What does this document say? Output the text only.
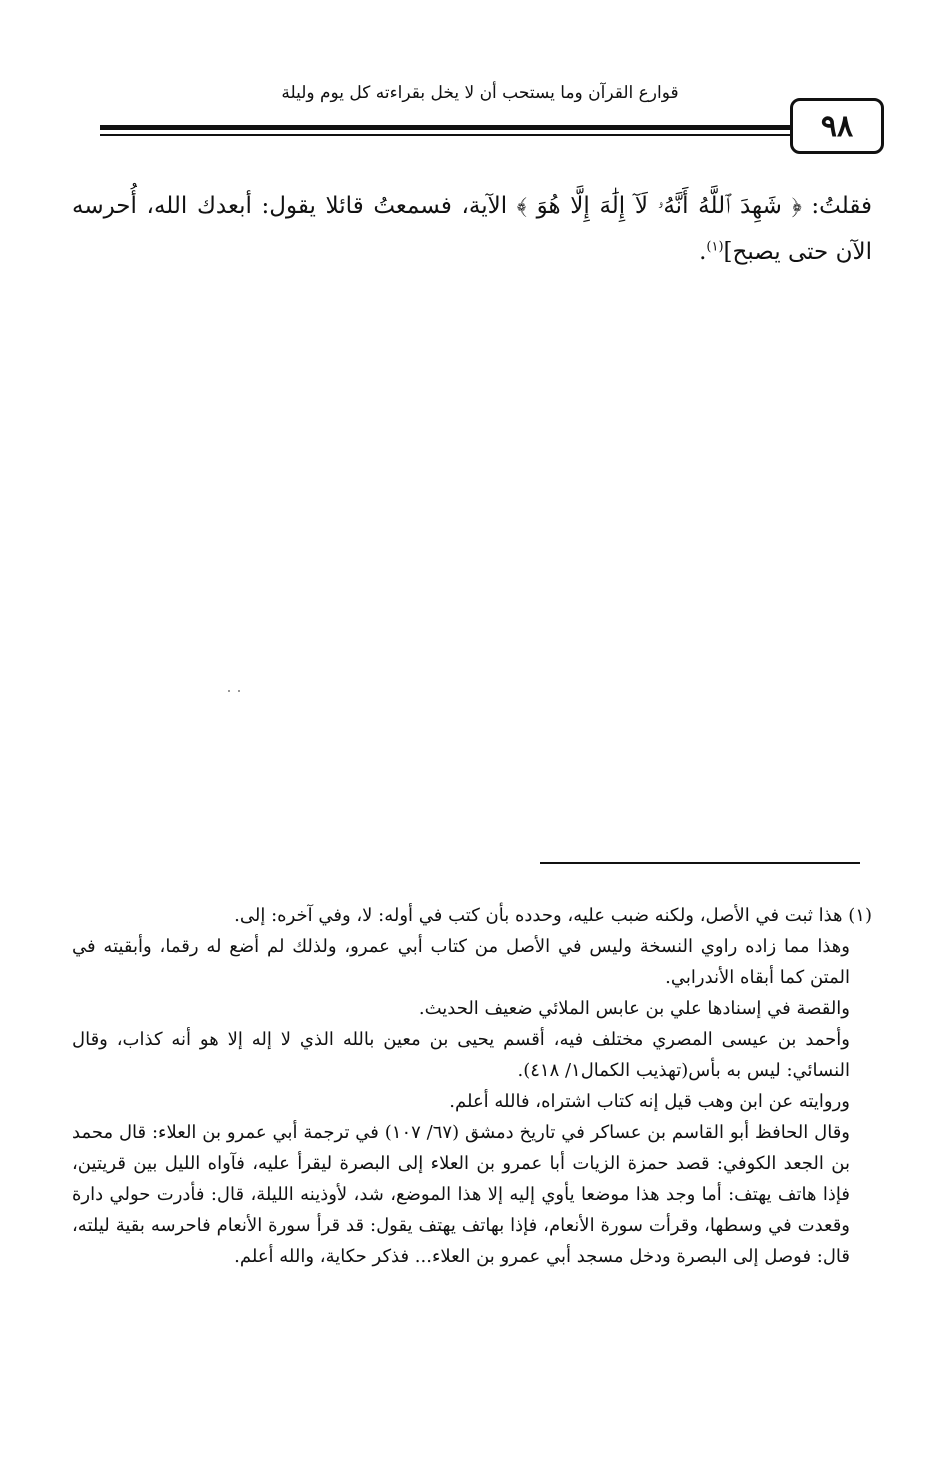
قوارع القرآن وما يستحب أن لا يخل بقراءته كل يوم وليلة
٩٨
فقلتُ: ﴿ شَهِدَ ٱللَّهُ أَنَّهُۥ لَآ إِلَٰهَ إِلَّا هُوَ ﴾ الآية، فسمعتُ قائلا يقول: أبعدك الله، أُحرسه الآن حتى يصبح]$^{(١)}$.

(١) هذا ثبت في الأصل، ولكنه ضبب عليه، وحدده بأن كتب في أوله: لا، وفي آخره: إلى.

وهذا مما زاده راوي النسخة وليس في الأصل من كتاب أبي عمرو، ولذلك لم أضع له رقما، وأبقيته في المتن كما أبقاه الأندرابي.

والقصة في إسنادها علي بن عابس الملائي ضعيف الحديث.

وأحمد بن عيسى المصري مختلف فيه، أقسم يحيى بن معين بالله الذي لا إله إلا هو أنه كذاب، وقال النسائي: ليس به بأس(تهذيب الكمال١/ ٤١٨).

وروايته عن ابن وهب قيل إنه كتاب اشتراه، فالله أعلم.

وقال الحافظ أبو القاسم بن عساكر في تاريخ دمشق (٦٧/ ١٠٧) في ترجمة أبي عمرو بن العلاء: قال محمد بن الجعد الكوفي: قصد حمزة الزيات أبا عمرو بن العلاء إلى البصرة ليقرأ عليه، فآواه الليل بين قريتين، فإذا هاتف يهتف: أما وجد هذا موضعا يأوي إليه إلا هذا الموضع، شد، لأوذينه الليلة، قال: فأدرت حولي دارة وقعدت في وسطها، وقرأت سورة الأنعام، فإذا بهاتف يهتف يقول: قد قرأ سورة الأنعام فاحرسه بقية ليلته، قال: فوصل إلى البصرة ودخل مسجد أبي عمرو بن العلاء... فذكر حكاية، والله أعلم.
